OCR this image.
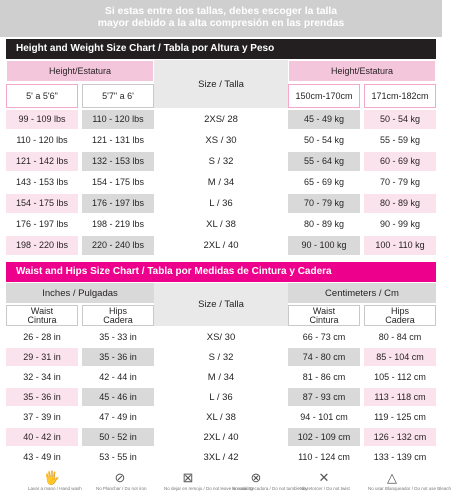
Si estas entre dos tallas, debes escoger la talla
mayor debido a la alta compresión en las prendas
Height and Weight Size Chart / Tabla por Altura y Peso
Height/Estatura
Size / Talla
Height/Estatura
5' a 5'6"	5'7" a 6'	150cm-170cm	171cm-182cm
99 - 109 lbs	110 - 120 lbs	2XS/ 28	45 - 49 kg	50 - 54 kg
110 - 120 lbs	121 - 131 lbs	XS / 30	50 - 54 kg	55 - 59 kg
121 - 142 lbs	132 - 153 lbs	S / 32	55 - 64 kg	60 - 69 kg
143 - 153 lbs	154 - 175 lbs	M / 34	65 - 69 kg	70 - 79 kg
154 - 175 lbs	176 - 197 lbs	L / 36	70 - 79 kg	80 - 89 kg
176 - 197 lbs	198 - 219 lbs	XL / 38	80 - 89 kg	90 - 99 kg
198 - 220 lbs	220 - 240 lbs	2XL / 40	90 - 100 kg	100 - 110 kg
Waist and Hips Size Chart / Tabla por Medidas de Cintura y Cadera
Inches / Pulgadas
Size / Talla
Centimeters / Cm
Waist
Cintura
Hips
Cadera
Waist
Cintura
Hips
Cadera
26 - 28 in	35 - 33 in	XS/ 30	66 - 73 cm	80 - 84 cm
29 - 31 in	35 - 36 in	S / 32	74 - 80 cm	85 - 104 cm
32 - 34 in	42 - 44 in	M / 34	81 - 86 cm	105 - 112 cm
35 - 36 in	45 - 46 in	L / 36	87 - 93 cm	113 - 118 cm
37 - 39 in	47 - 49 in	XL / 38	94 - 101 cm	119 - 125 cm
40 - 42 in	50 - 52 in	2XL / 40	102 - 109 cm	126 - 132 cm
43 - 49 in	53 - 55 in	3XL / 42	110 - 124 cm	133 - 139 cm
🖐
Lavar a mano / Hand wash
⊘
No Planchar / Do not iron
⊠
No dejar en remojo / Do not leave in soaking
⊗
No usar Secadora / Do not tumble dry
✕
No retorcer / Do not twist
△
No usar Blanqueador / Do not use Bleach
